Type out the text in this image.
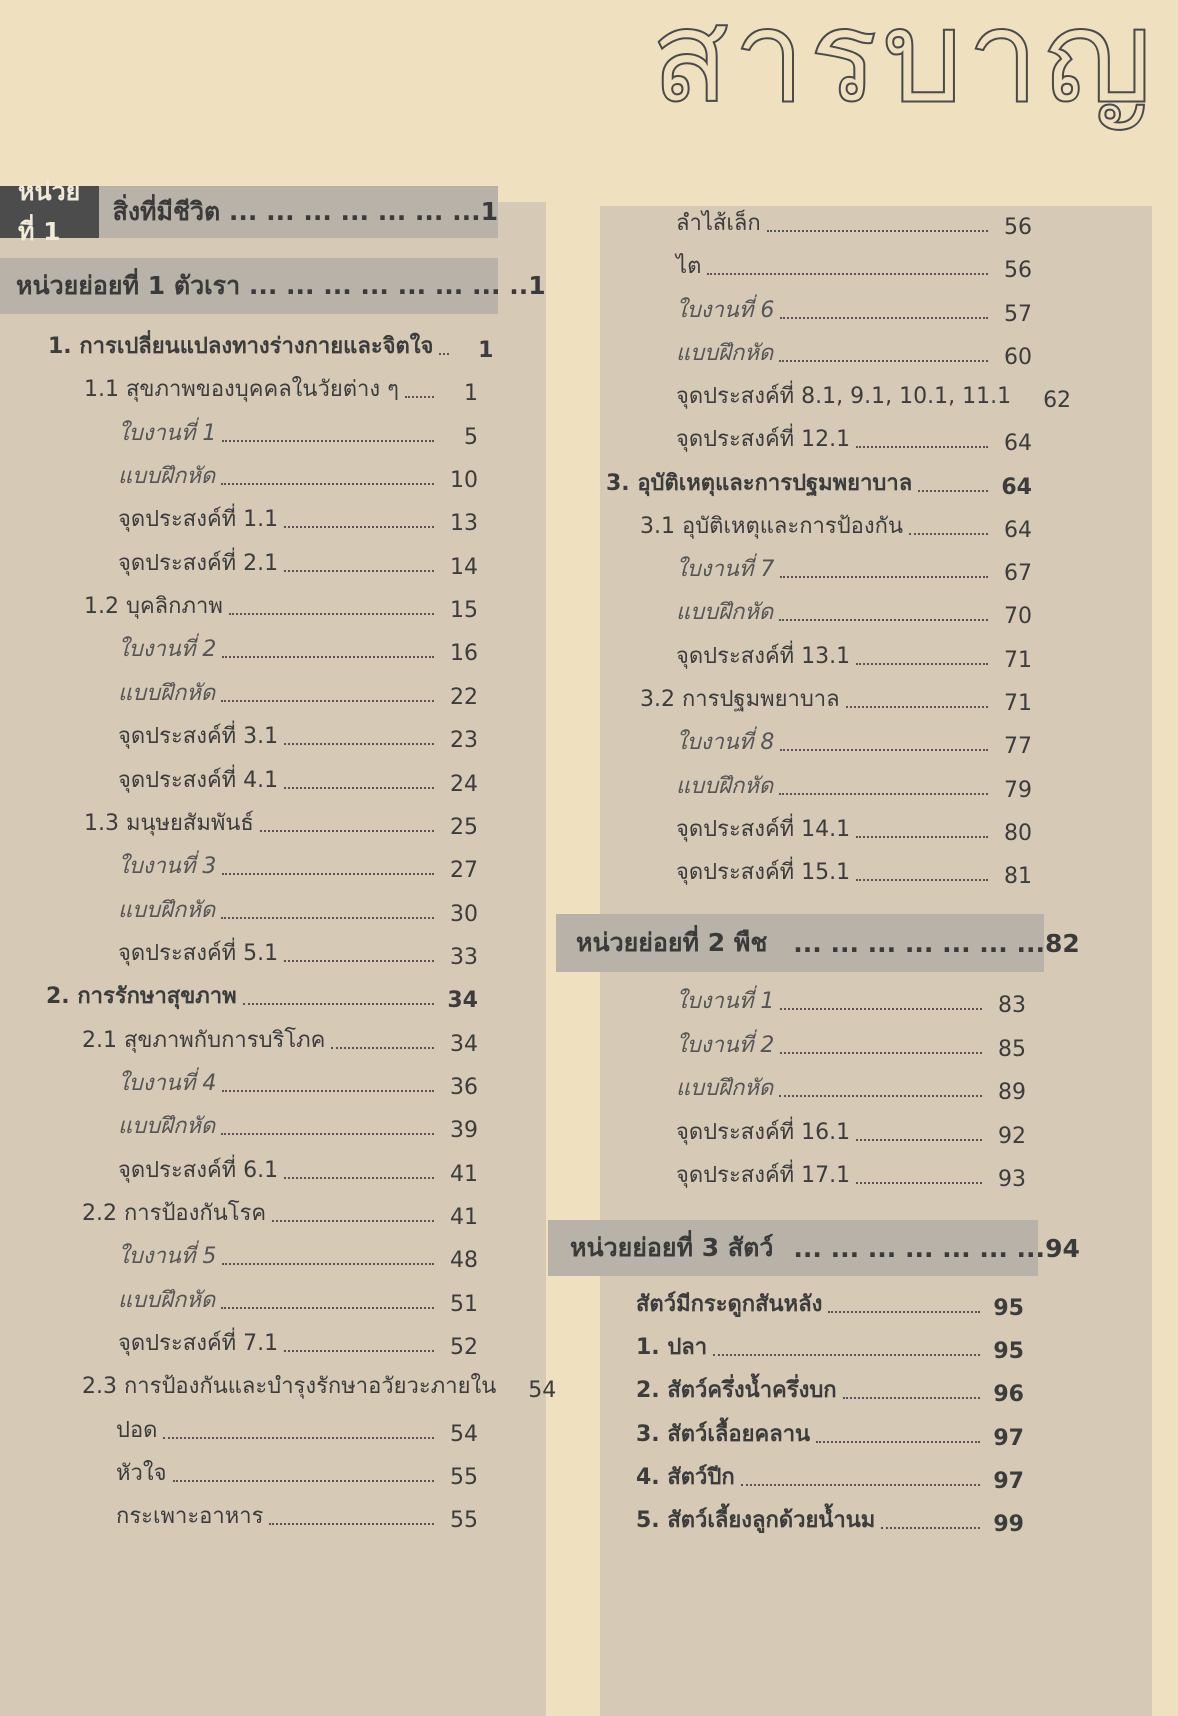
สารบาญ
หน่วยที่ 1
สิ่งที่มีชีวิต ... ... ... ... ... ... ...1
หน่วยย่อยที่ 1 ตัวเรา ... ... ... ... ... ... ... ..1
1. การเปลี่ยนแปลงทางร่างกายและจิตใจ	1
1.1 สุขภาพของบุคคลในวัยต่าง ๆ	1
ใบงานที่ 1	5
แบบฝึกหัด	10
จุดประสงค์ที่ 1.1	13
จุดประสงค์ที่ 2.1	14
1.2 บุคลิกภาพ	15
ใบงานที่ 2	16
แบบฝึกหัด	22
จุดประสงค์ที่ 3.1	23
จุดประสงค์ที่ 4.1	24
1.3 มนุษยสัมพันธ์	25
ใบงานที่ 3	27
แบบฝึกหัด	30
จุดประสงค์ที่ 5.1	33
2. การรักษาสุขภาพ	34
2.1 สุขภาพกับการบริโภค	34
ใบงานที่ 4	36
แบบฝึกหัด	39
จุดประสงค์ที่ 6.1	41
2.2 การป้องกันโรค	41
ใบงานที่ 5	48
แบบฝึกหัด	51
จุดประสงค์ที่ 7.1	52
2.3 การป้องกันและบำรุงรักษาอวัยวะภายใน	54
ปอด	54
หัวใจ	55
กระเพาะอาหาร	55
ลำไส้เล็ก	56
ไต	56
ใบงานที่ 6	57
แบบฝึกหัด	60
จุดประสงค์ที่ 8.1, 9.1, 10.1, 11.1	62
จุดประสงค์ที่ 12.1	64
3. อุบัติเหตุและการปฐมพยาบาล	64
3.1 อุบัติเหตุและการป้องกัน	64
ใบงานที่ 7	67
แบบฝึกหัด	70
จุดประสงค์ที่ 13.1	71
3.2 การปฐมพยาบาล	71
ใบงานที่ 8	77
แบบฝึกหัด	79
จุดประสงค์ที่ 14.1	80
จุดประสงค์ที่ 15.1	81
หน่วยย่อยที่ 2 พืช ... ... ... ... ... ... ... 82
ใบงานที่ 1	83
ใบงานที่ 2	85
แบบฝึกหัด	89
จุดประสงค์ที่ 16.1	92
จุดประสงค์ที่ 17.1	93
หน่วยย่อยที่ 3 สัตว์ ... ... ... ... ... ... ... 94
สัตว์มีกระดูกสันหลัง	95
1. ปลา	95
2. สัตว์ครึ่งน้ำครึ่งบก	96
3. สัตว์เลื้อยคลาน	97
4. สัตว์ปีก	97
5. สัตว์เลี้ยงลูกด้วยน้ำนม	99
